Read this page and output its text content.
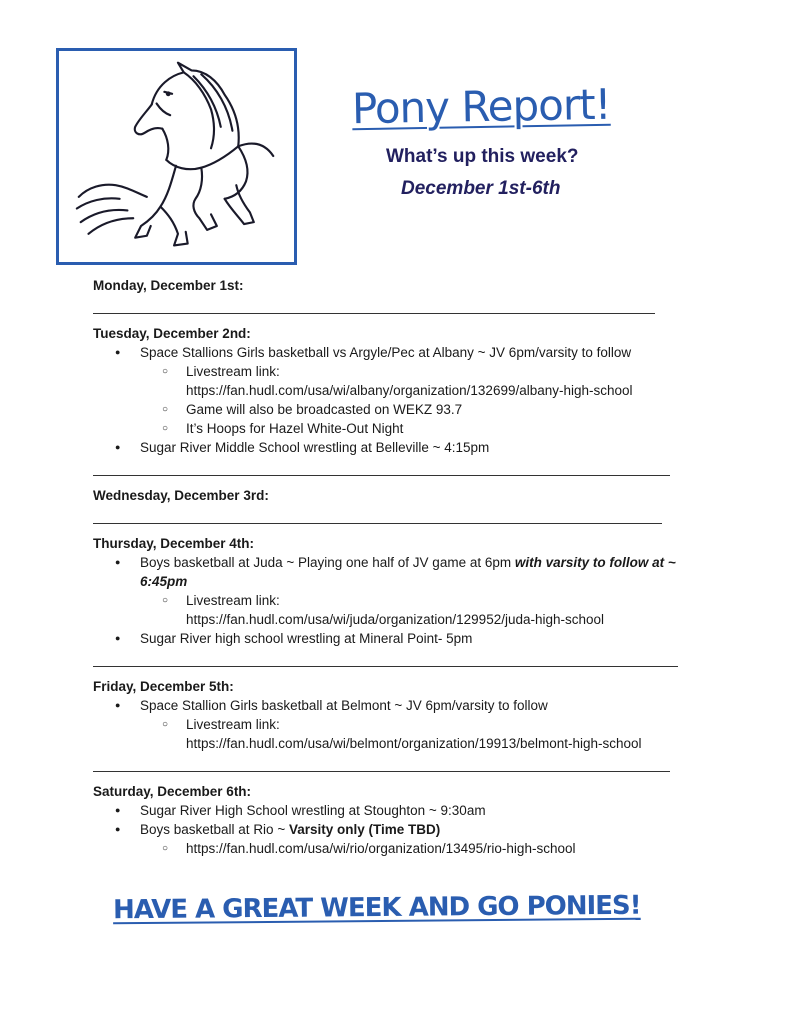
Pony Report!
What’s up this week?
December 1st-6th
Monday, December 1st:
Tuesday, December 2nd:
● Space Stallions Girls basketball vs Argyle/Pec at Albany ~ JV 6pm/varsity to follow
○ Livestream link:
https://fan.hudl.com/usa/wi/albany/organization/132699/albany-high-school
○ Game will also be broadcasted on WEKZ 93.7
○ It’s Hoops for Hazel White-Out Night
● Sugar River Middle School wrestling at Belleville ~ 4:15pm
Wednesday, December 3rd:
Thursday, December 4th:
● Boys basketball at Juda ~ Playing one half of JV game at 6pm with varsity to follow at ~ 6:45pm
○ Livestream link:
https://fan.hudl.com/usa/wi/juda/organization/129952/juda-high-school
● Sugar River high school wrestling at Mineral Point- 5pm
Friday, December 5th:
● Space Stallion Girls basketball at Belmont ~ JV 6pm/varsity to follow
○ Livestream link:
https://fan.hudl.com/usa/wi/belmont/organization/19913/belmont-high-school
Saturday, December 6th:
● Sugar River High School wrestling at Stoughton ~ 9:30am
● Boys basketball at Rio ~ Varsity only (Time TBD)
○ https://fan.hudl.com/usa/wi/rio/organization/13495/rio-high-school
HAVE A GREAT WEEK AND GO PONIES!
